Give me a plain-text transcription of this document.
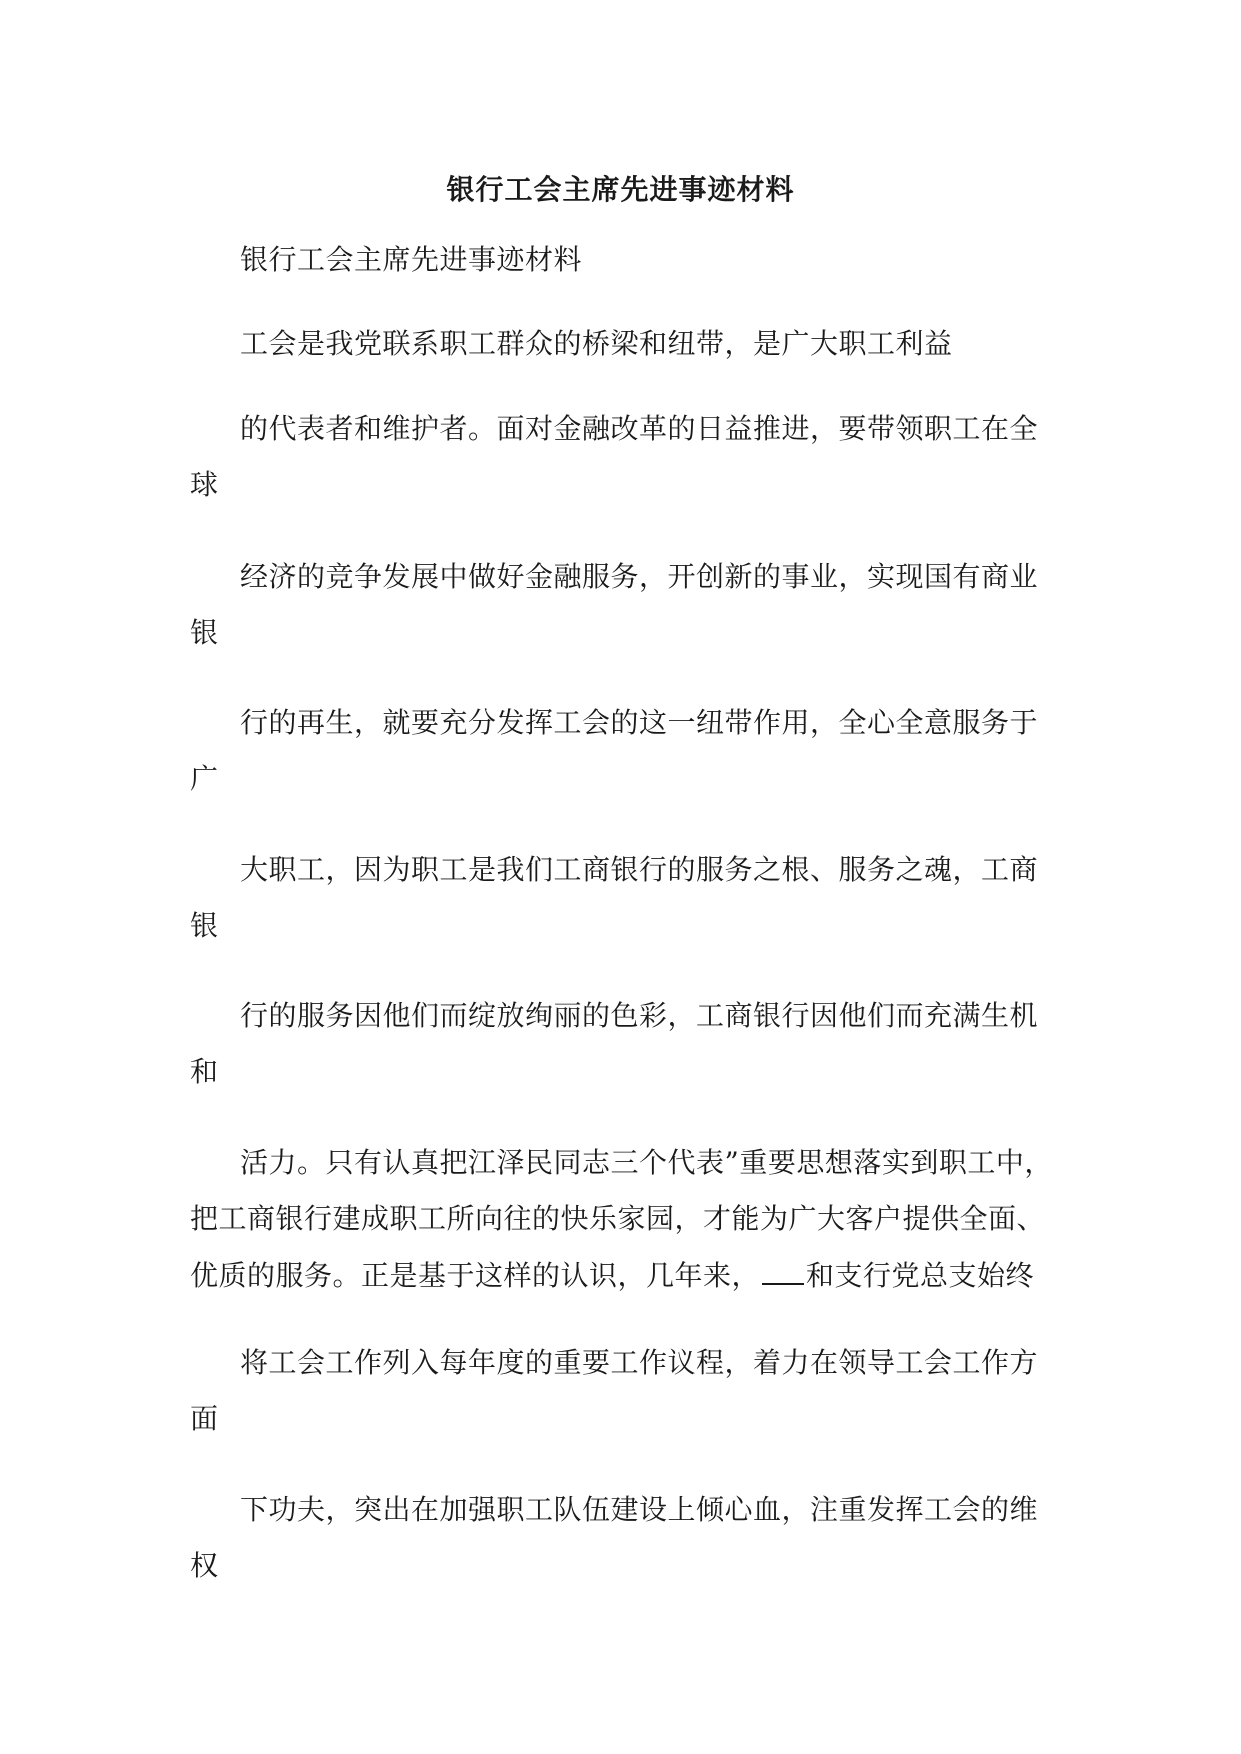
银行工会主席先进事迹材料
银行工会主席先进事迹材料
工会是我党联系职工群众的桥梁和纽带，是广大职工利益
的代表者和维护者。面对金融改革的日益推进，要带领职工在全
球
经济的竞争发展中做好金融服务，开创新的事业，实现国有商业
银
行的再生，就要充分发挥工会的这一纽带作用，全心全意服务于
广
大职工，因为职工是我们工商银行的服务之根、服务之魂，工商
银
行的服务因他们而绽放绚丽的色彩，工商银行因他们而充满生机
和
活力。只有认真把江泽民同志三个代表”重要思想落实到职工中，
把工商银行建成职工所向往的快乐家园，才能为广大客户提供全面、
优质的服务。正是基于这样的认识，几年来， 和支行党总支始终
将工会工作列入每年度的重要工作议程，着力在领导工会工作方
面
下功夫，突出在加强职工队伍建设上倾心血，注重发挥工会的维
权
